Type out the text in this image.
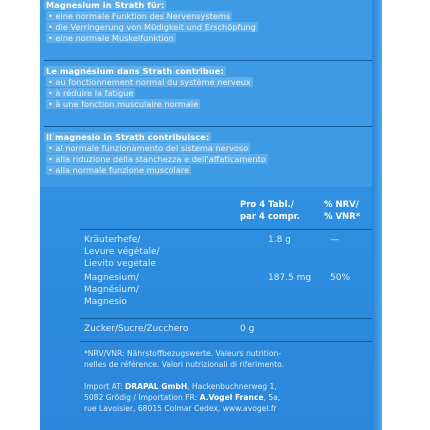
Magnesium in Strath für:
• eine normale Funktion des Nervensystems
• die Verringerung von Müdigkeit und Erschöpfung
• eine normale Muskelfunktion
Le magnésium dans Strath contribue:
• au fonctionnement normal du système nerveux
• à réduire la fatigue
• à une fonction musculaire normale
Il magnesio in Strath contribuisce:
• al normale funzionamento del sistema nervoso
• alla riduzione della stanchezza e dell'affaticamento
• alla normale funzione muscolare
Pro 4 Tabl./
par 4 compr.
% NRV/
% VNR*
Kräuterhefe/
Levure végétale/
Lievito vegetale
1.8 g	—
Magnesium/
Magnésium/
Magnesio
187.5 mg 50%
Zucker/Sucre/Zucchero	0 g
*NRV/VNR: Nährstoffbezugswerte. Valeurs nutrition-
nelles de référence. Valori nutrizionali di riferimento.
Import AT: DRAPAL GmbH, Hackenbuchnerweg 1,
5082 Grödig / Importation FR: A.Vogel France, 5a,
rue Lavoisier, 68015 Colmar Cedex, www.avogel.fr
